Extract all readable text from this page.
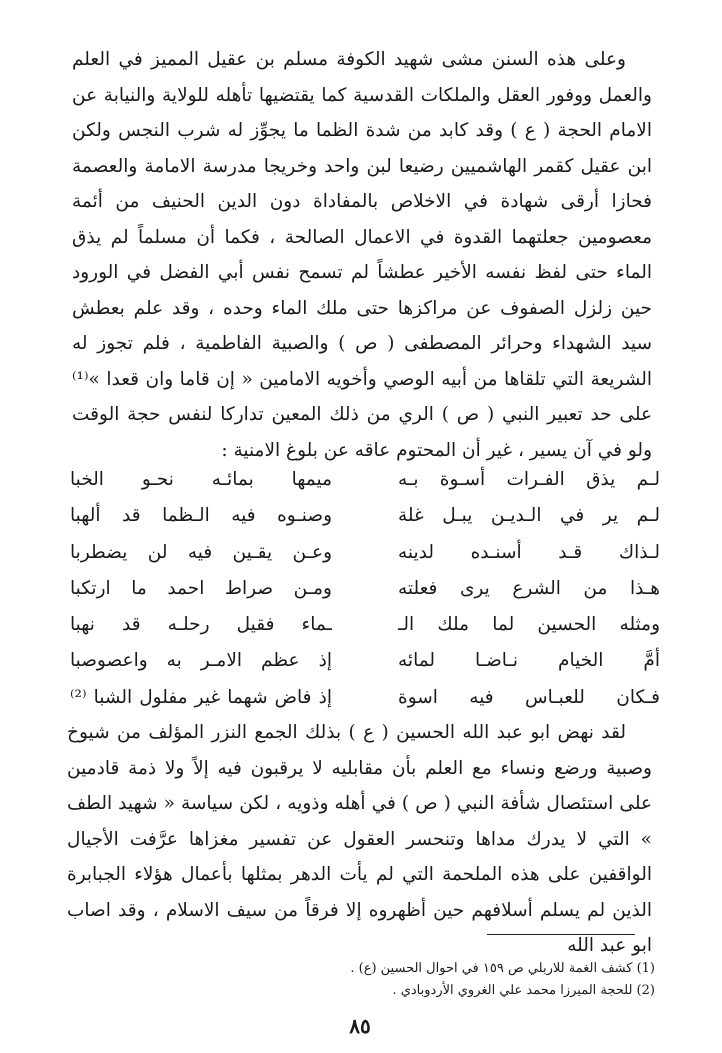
وعلى هذه السنن مشى شهيد الكوفة مسلم بن عقيل المميز في العلم والعمل ووفور العقل والملكات القدسية كما يقتضيها تأهله للولاية والنيابة عن الامام الحجة ( ع ) وقد كابد من شدة الظما ما يجوِّز له شرب النجس ولكن ابن عقيل كقمر الهاشميين رضيعا لبن واحد وخريجا مدرسة الامامة والعصمة فحازا أرقى شهادة في الاخلاص بالمفاداة دون الدين الحنيف من أئمة معصومين جعلتهما القدوة في الاعمال الصالحة ، فكما أن مسلماً لم يذق الماء حتى لفظ نفسه الأخير عطشاً لم تسمح نفس أبي الفضل في الورود حين زلزل الصفوف عن مراكزها حتى ملك الماء وحده ، وقد علم بعطش سيد الشهداء وحرائر المصطفى ( ص ) والصبية الفاطمية ، فلم تجوز له الشريعة التي تلقاها من أبيه الوصي وأخويه الامامين « إن قاما وان قعدا »⁽¹⁾ على حد تعبير النبي ( ص ) الري من ذلك المعين تداركا لنفس حجة الوقت ولو في آن يسير ، غير أن المحتوم عاقه عن بلوغ الامنية :

لـم يذق الفـرات أسـوة بـه
ميمها بمائـه نحـو الخبا
لـم ير في الـديـن يبـل غلة
وصنـوه فيه الـظما قد ألهبا
لـذاك قـد أسنـده لدينه
وعـن يقـين فيه لن يضطربا
هـذا من الشرع يرى فعلته
ومـن صراط احمد ما ارتكبا
ومثله الحسين لما ملك الـ
ـماء فقيل رحلـه قد نهبا
أمَّ الخيام نـاضـا لمائه
إذ عظم الامـر به واعصوصبا
فـكان للعبـاس فيه اسوة
إذ فاض شهما غير مفلول الشبا ⁽²⁾

لقد نهض ابو عبد الله الحسين ( ع ) بذلك الجمع النزر المؤلف من شيوخ وصبية ورضع ونساء مع العلم بأن مقابليه لا يرقبون فيه إلاً ولا ذمة قادمين على استئصال شأفة النبي ( ص ) في أهله وذويه ، لكن سياسة « شهيد الطف » التي لا يدرك مداها وتنحسر العقول عن تفسير مغزاها عرَّفت الأجيال الواقفين على هذه الملحمة التي لم يأت الدهر بمثلها بأعمال هؤلاء الجبابرة الذين لم يسلم أسلافهم حين أظهروه إلا فرقاً من سيف الاسلام ، وقد اصاب ابو عبد الله

(1) كشف الغمة للاربلي ص ١٥٩ في احوال الحسين (ع) .
(2) للحجة الميرزا محمد علي الغروي الأردوبادي .
٨٥
